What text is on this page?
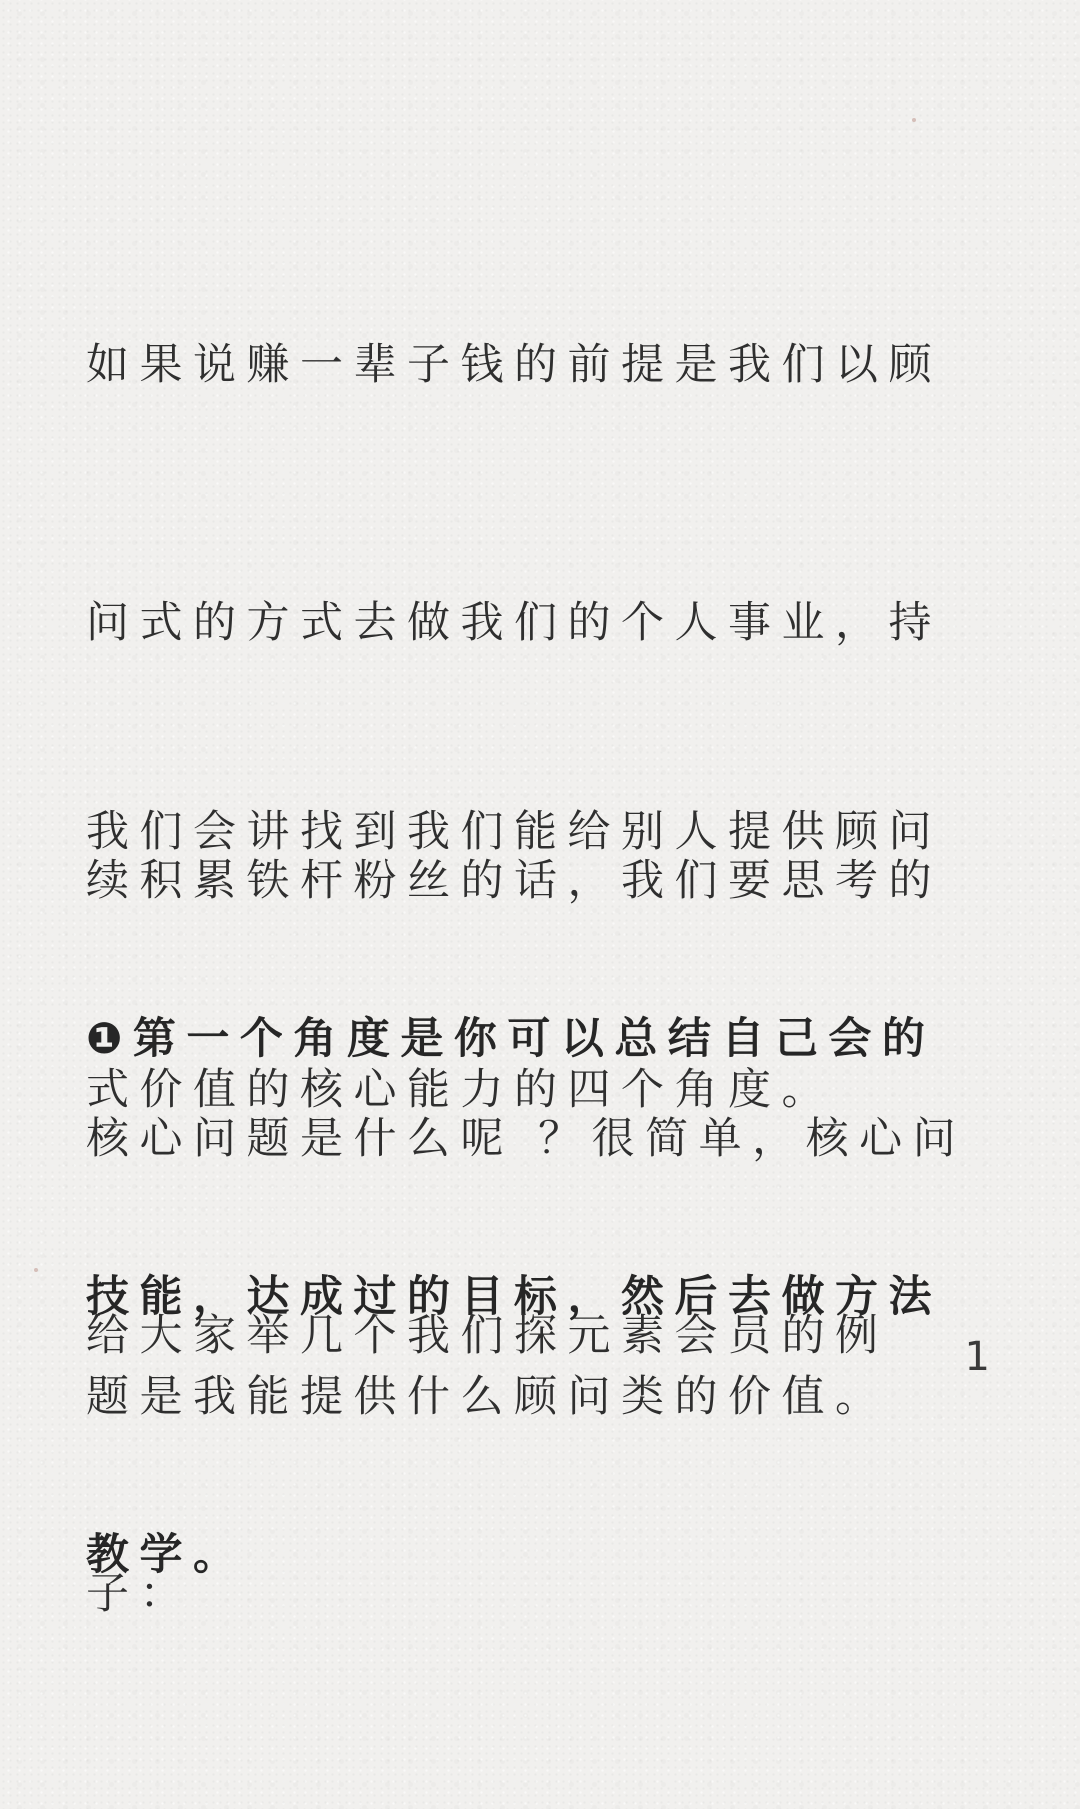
如果说赚一辈子钱的前提是我们以顾

问式的方式去做我们的个人事业，持

续积累铁杆粉丝的话，我们要思考的

核心问题是什么呢 ？很简单，核心问

题是我能提供什么顾问类的价值。

我们会讲找到我们能给别人提供顾问

式价值的核心能力的四个角度。

❶第一个角度是你可以总结自己会的

技能，达成过的目标，然后去做方法

教学。

给大家举几个我们探元素会员的例

子：

1
